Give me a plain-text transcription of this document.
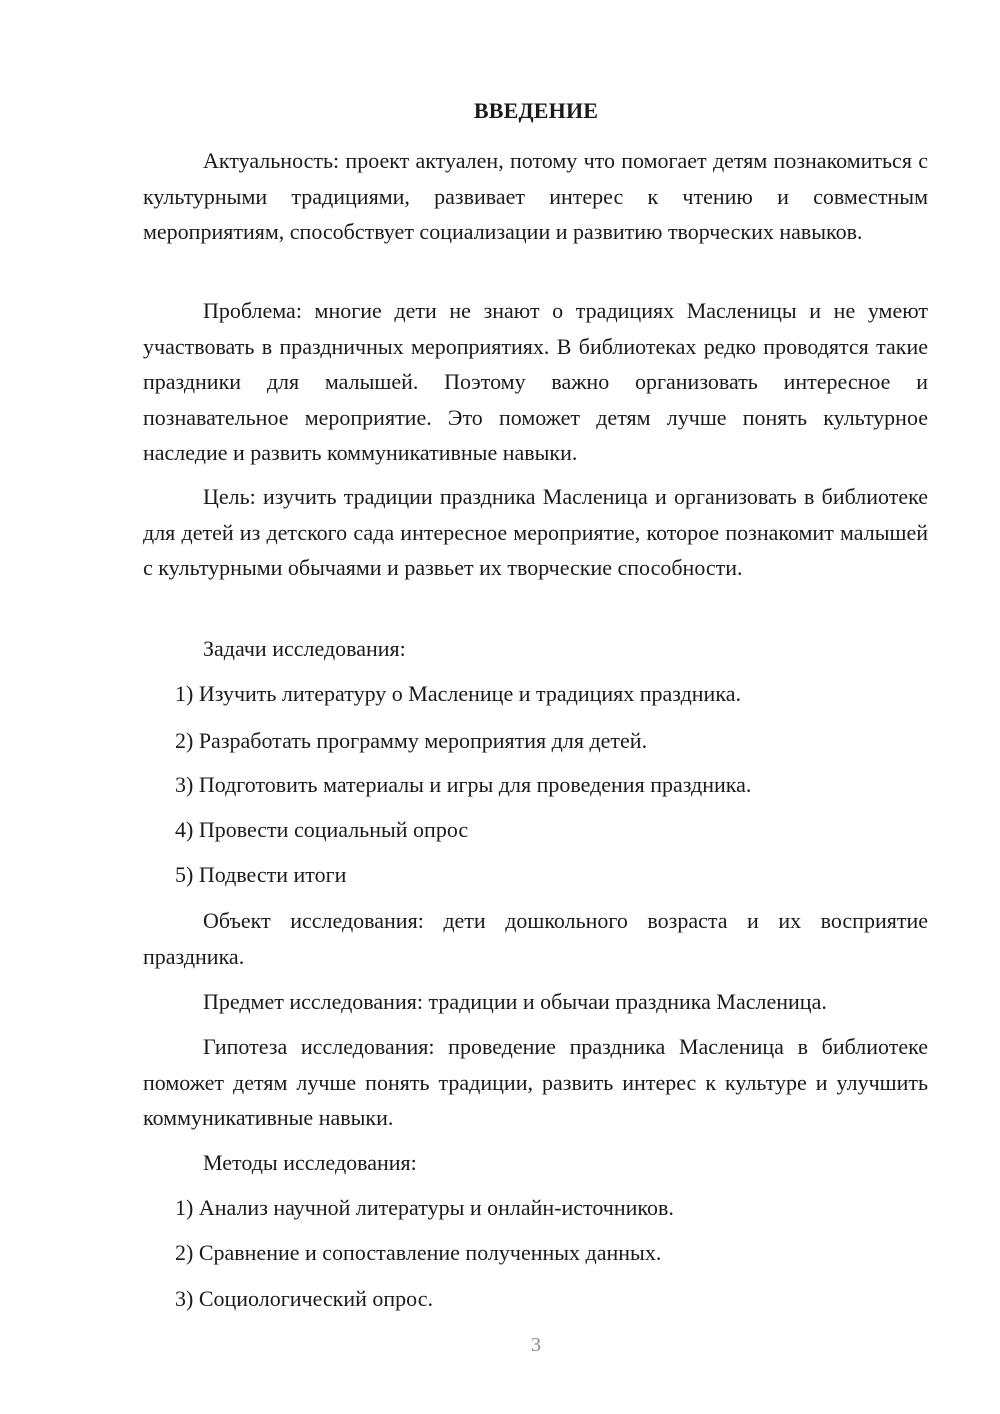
ВВЕДЕНИЕ

Актуальность: проект актуален, потому что помогает детям познакомиться с культурными традициями, развивает интерес к чтению и совместным мероприятиям, способствует социализации и развитию творческих навыков.

Проблема: многие дети не знают о традициях Масленицы и не умеют участвовать в праздничных мероприятиях. В библиотеках редко проводятся такие праздники для малышей. Поэтому важно организовать интересное и познавательное мероприятие. Это поможет детям лучше понять культурное наследие и развить коммуникативные навыки.

Цель: изучить традиции праздника Масленица и организовать в библиотеке для детей из детского сада интересное мероприятие, которое познакомит малышей с культурными обычаями и развьет их творческие способности.

Задачи исследования:

1) Изучить литературу о Масленице и традициях праздника.

2) Разработать программу мероприятия для детей.

3) Подготовить материалы и игры для проведения праздника.

4) Провести социальный опрос

5) Подвести итоги

Объект исследования: дети дошкольного возраста и их восприятие праздника.

Предмет исследования: традиции и обычаи праздника Масленица.

Гипотеза исследования: проведение праздника Масленица в библиотеке поможет детям лучше понять традиции, развить интерес к культуре и улучшить коммуникативные навыки.

Методы исследования:

1) Анализ научной литературы и онлайн-источников.

2) Сравнение и сопоставление полученных данных.

3) Социологический опрос.

3
